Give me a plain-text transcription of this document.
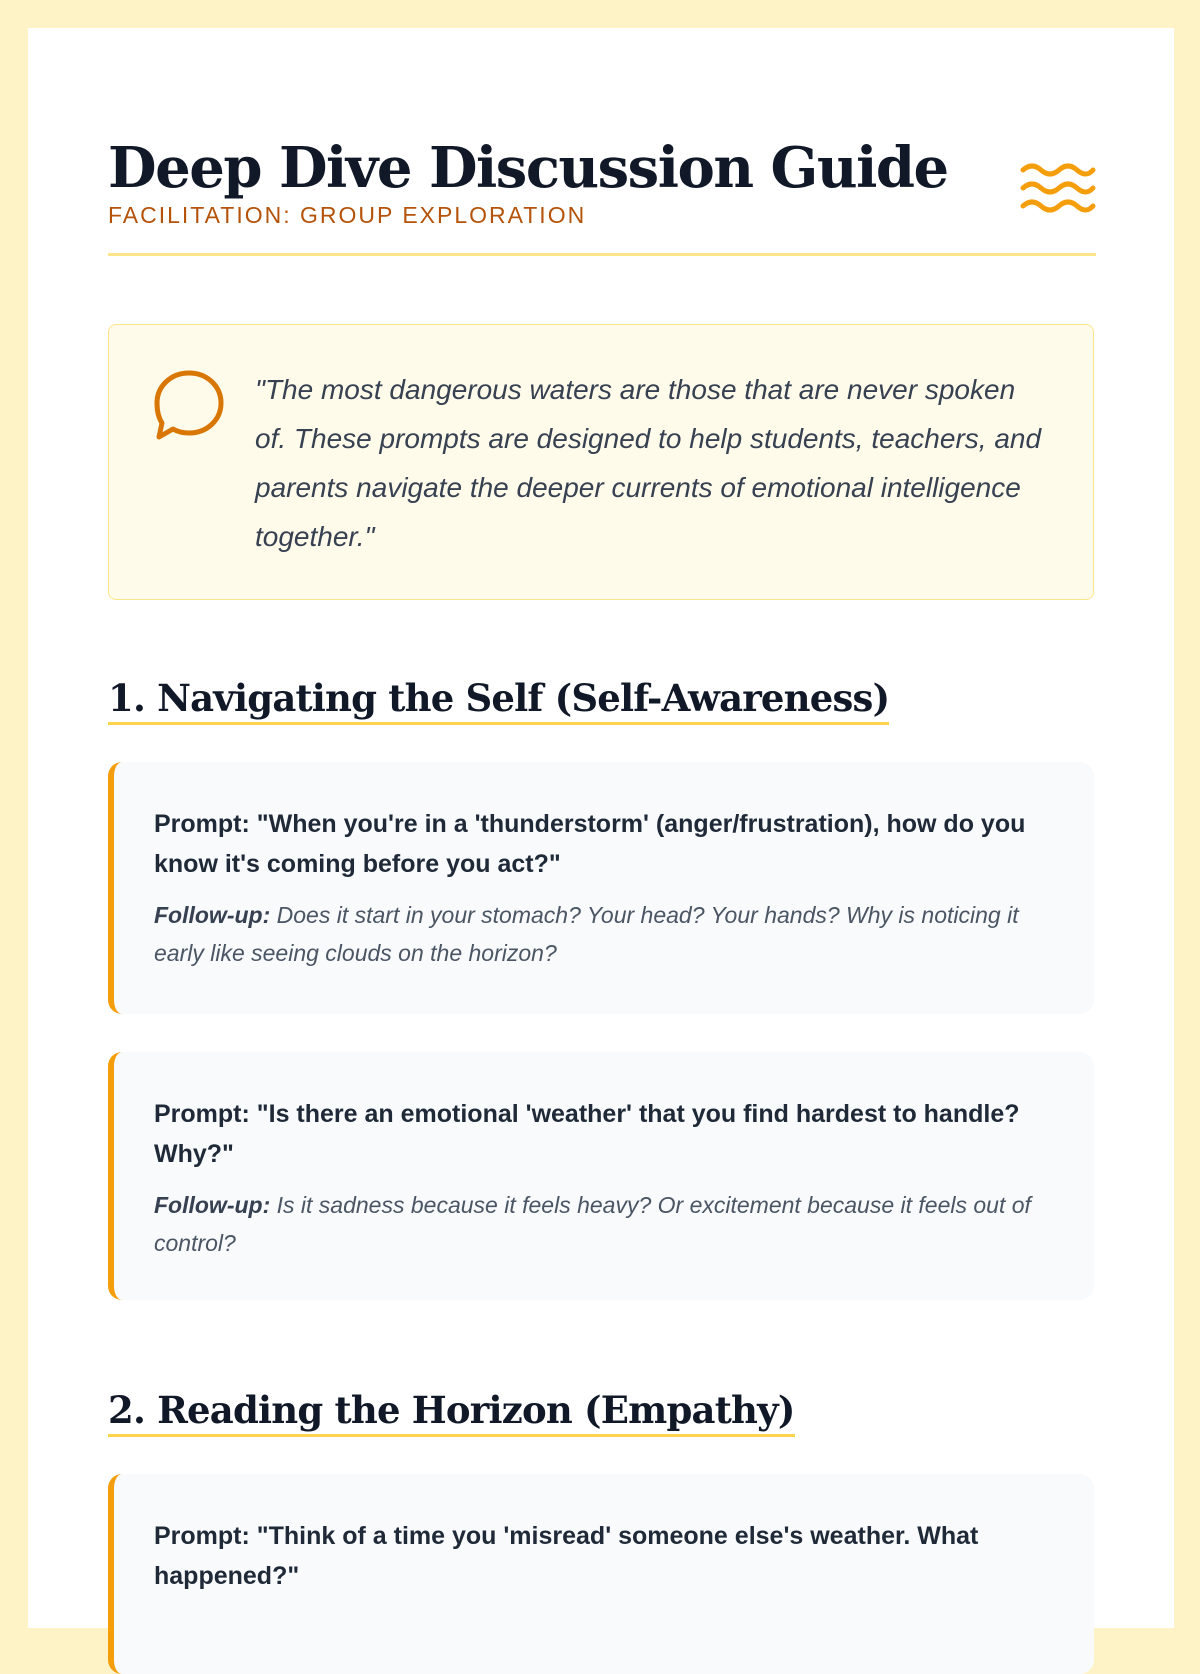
Deep Dive Discussion Guide
FACILITATION: GROUP EXPLORATION
"The most dangerous waters are those that are never spoken of. These prompts are designed to help students, teachers, and parents navigate the deeper currents of emotional intelligence together."
1. Navigating the Self (Self-Awareness)
Prompt: "When you're in a 'thunderstorm' (anger/frustration), how do you know it's coming before you act?"
Follow-up: Does it start in your stomach? Your head? Your hands? Why is noticing it early like seeing clouds on the horizon?
Prompt: "Is there an emotional 'weather' that you find hardest to handle? Why?"
Follow-up: Is it sadness because it feels heavy? Or excitement because it feels out of control?
2. Reading the Horizon (Empathy)
Prompt: "Think of a time you 'misread' someone else's weather. What happened?"
